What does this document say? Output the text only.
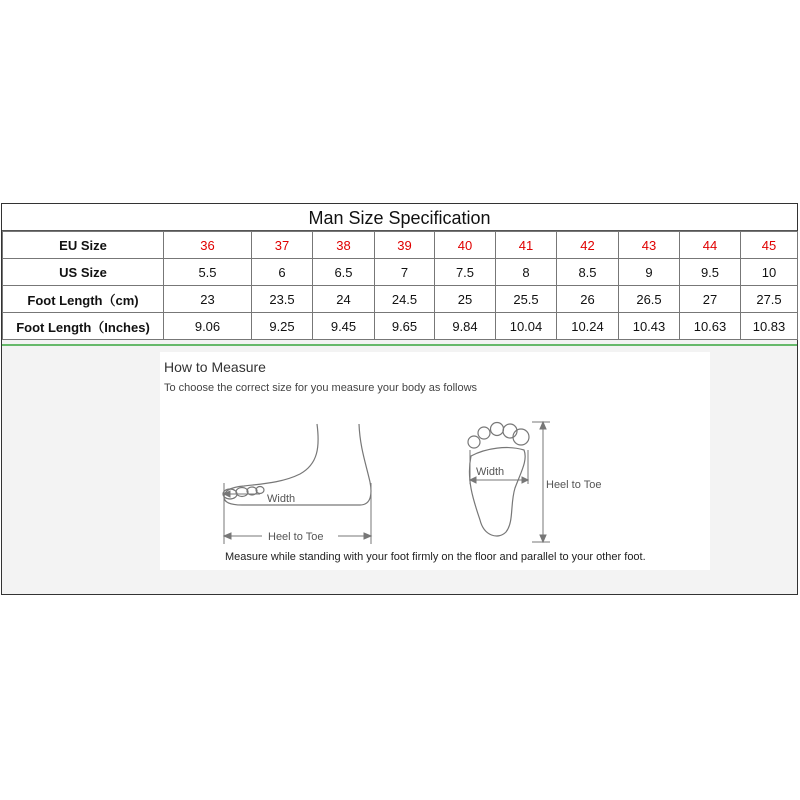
Man Size Specification
EU Size	36	37	38	39	40	41	42	43	44	45
US Size	5.5	6	6.5	7	7.5	8	8.5	9	9.5	10
Foot Length（cm)	23	23.5	24	24.5	25	25.5	26	26.5	27	27.5
Foot Length（Inches)	9.06	9.25	9.45	9.65	9.84	10.04	10.24	10.43	10.63	10.83
Width
Heel to Toe
Width
Heel to Toe
How to Measure
To choose the correct size for you measure your body as follows
Measure while standing with your foot firmly on the floor and parallel to your other foot.
